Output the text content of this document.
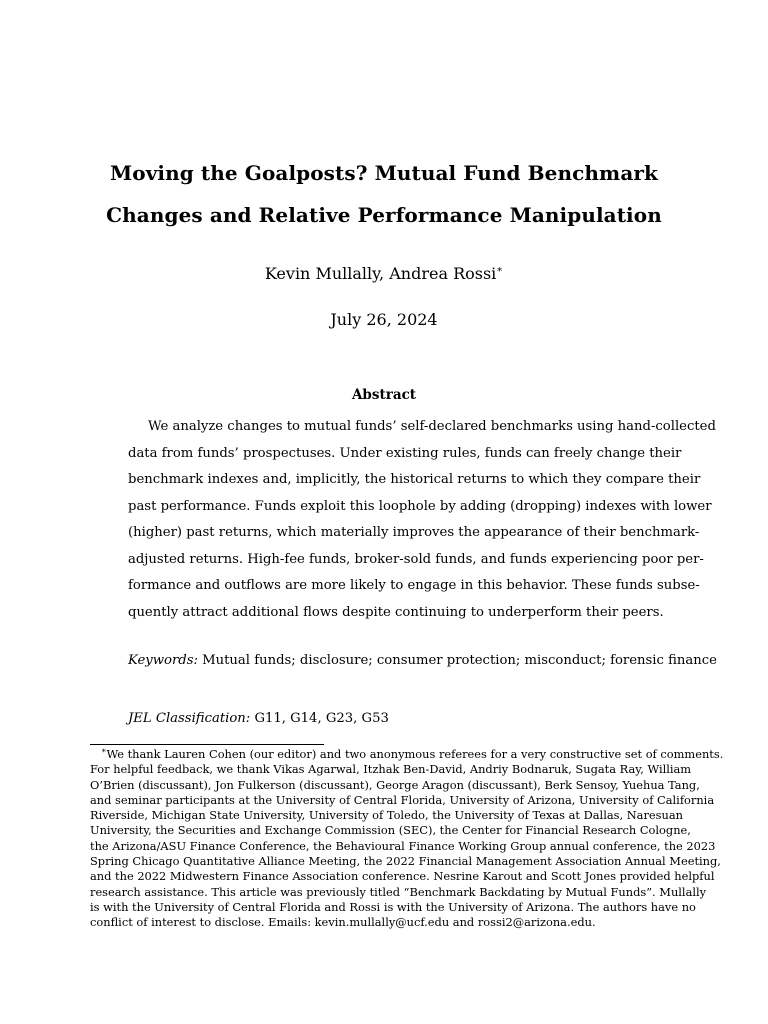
Moving the Goalposts? Mutual Fund Benchmark
Changes and Relative Performance Manipulation
Kevin Mullally, Andrea Rossi∗
July 26, 2024
Abstract
We analyze changes to mutual funds’ self-declared benchmarks using hand-collected
data from funds’ prospectuses. Under existing rules, funds can freely change their
benchmark indexes and, implicitly, the historical returns to which they compare their
past performance. Funds exploit this loophole by adding (dropping) indexes with lower
(higher) past returns, which materially improves the appearance of their benchmark-
adjusted returns. High-fee funds, broker-sold funds, and funds experiencing poor per-
formance and outflows are more likely to engage in this behavior. These funds subse-
quently attract additional flows despite continuing to underperform their peers.
Keywords: Mutual funds; disclosure; consumer protection; misconduct; forensic finance
JEL Classification: G11, G14, G23, G53
∗We thank Lauren Cohen (our editor) and two anonymous referees for a very constructive set of comments.
For helpful feedback, we thank Vikas Agarwal, Itzhak Ben-David, Andriy Bodnaruk, Sugata Ray, William
O’Brien (discussant), Jon Fulkerson (discussant), George Aragon (discussant), Berk Sensoy, Yuehua Tang,
and seminar participants at the University of Central Florida, University of Arizona, University of California
Riverside, Michigan State University, University of Toledo, the University of Texas at Dallas, Naresuan
University, the Securities and Exchange Commission (SEC), the Center for Financial Research Cologne,
the Arizona/ASU Finance Conference, the Behavioural Finance Working Group annual conference, the 2023
Spring Chicago Quantitative Alliance Meeting, the 2022 Financial Management Association Annual Meeting,
and the 2022 Midwestern Finance Association conference. Nesrine Karout and Scott Jones provided helpful
research assistance. This article was previously titled “Benchmark Backdating by Mutual Funds”. Mullally
is with the University of Central Florida and Rossi is with the University of Arizona. The authors have no
conflict of interest to disclose. Emails: kevin.mullally@ucf.edu and rossi2@arizona.edu.
